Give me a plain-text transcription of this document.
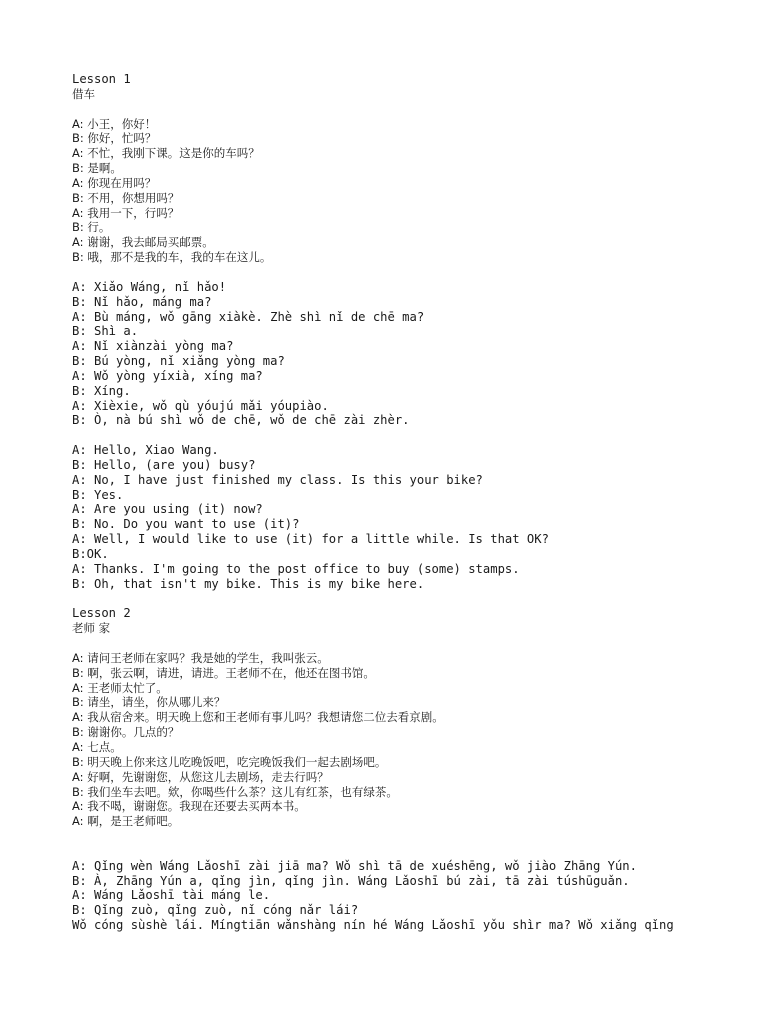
Lesson 1
借车
A: 小王，你好！
B: 你好，忙吗？
A: 不忙，我刚下课。这是你的车吗？
B: 是啊。
A: 你现在用吗？
B: 不用，你想用吗？
A: 我用一下，行吗？
B: 行。
A: 谢谢，我去邮局买邮票。
B: 哦，那不是我的车，我的车在这儿。
A: Xiǎo Wáng, nǐ hǎo!
B: Nǐ hǎo, máng ma?
A: Bù máng, wǒ gāng xiàkè. Zhè shì nǐ de chē ma?
B: Shì a.
A: Nǐ xiànzài yòng ma?
B: Bú yòng, nǐ xiǎng yòng ma?
A: Wǒ yòng yíxià, xíng ma?
B: Xíng.
A: Xièxie, wǒ qù yóujú mǎi yóupiào.
B: Ò, nà bú shì wǒ de chē, wǒ de chē zài zhèr.
A: Hello, Xiao Wang.
B: Hello, (are you) busy?
A: No, I have just finished my class. Is this your bike?
B: Yes.
A: Are you using (it) now?
B: No. Do you want to use (it)?
A: Well, I would like to use (it) for a little while. Is that OK?
B:OK.
A: Thanks. I'm going to the post office to buy (some) stamps.
B: Oh, that isn't my bike. This is my bike here.
Lesson 2
老师 家
A: 请问王老师在家吗？我是她的学生，我叫张云。
B: 啊，张云啊，请进，请进。王老师不在，他还在图书馆。
A: 王老师太忙了。
B: 请坐，请坐，你从哪儿来？
A: 我从宿舍来。明天晚上您和王老师有事儿吗？我想请您二位去看京剧。
B: 谢谢你。几点的？
A: 七点。
B: 明天晚上你来这儿吃晚饭吧，吃完晚饭我们一起去剧场吧。
A: 好啊，先谢谢您，从您这儿去剧场，走去行吗？
B: 我们坐车去吧。欸，你喝些什么茶？这儿有红茶，也有绿茶。
A: 我不喝，谢谢您。我现在还要去买两本书。
A: 啊，是王老师吧。
A: Qǐng wèn Wáng Lǎoshī zài jiā ma? Wǒ shì tā de xuéshēng, wǒ jiào Zhāng Yún.
B: À, Zhāng Yún a, qǐng jìn, qǐng jìn. Wáng Lǎoshī bú zài, tā zài túshūguǎn.
A: Wáng Lǎoshī tài máng le.
B: Qǐng zuò, qǐng zuò, nǐ cóng nǎr lái?
Wǒ cóng sùshè lái. Míngtiān wǎnshàng nín hé Wáng Lǎoshī yǒu shìr ma? Wǒ xiǎng qǐng
